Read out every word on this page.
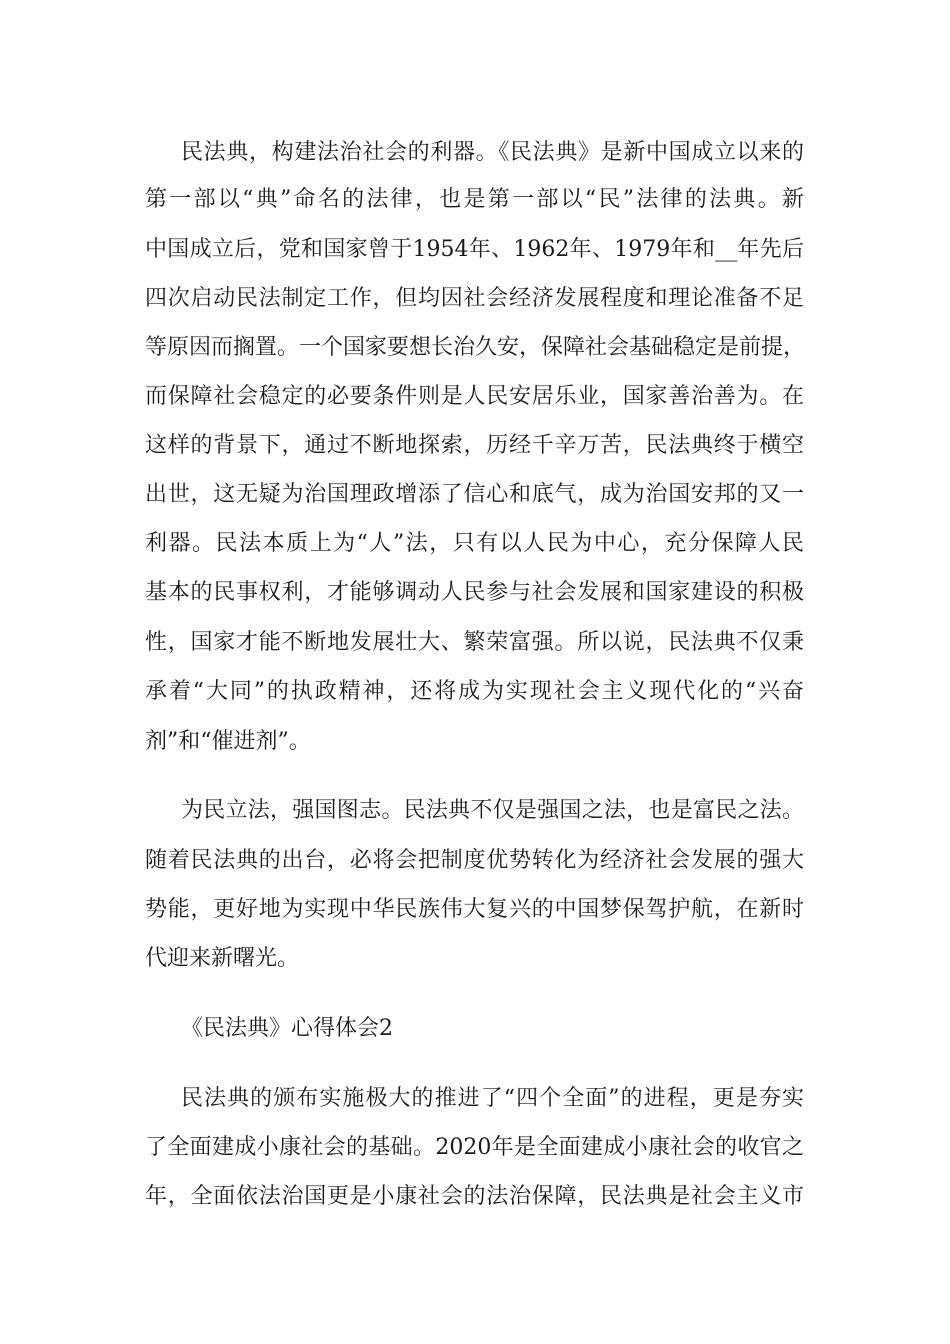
民法典，构建法治社会的利器。《民法典》是新中国成立以来的
第一部以“典”命名的法律，也是第一部以“民”法律的法典。新
中国成立后，党和国家曾于1954年、1962年、1979年和__年先后
四次启动民法制定工作，但均因社会经济发展程度和理论准备不足
等原因而搁置。一个国家要想长治久安，保障社会基础稳定是前提，
而保障社会稳定的必要条件则是人民安居乐业，国家善治善为。在
这样的背景下，通过不断地探索，历经千辛万苦，民法典终于横空
出世，这无疑为治国理政增添了信心和底气，成为治国安邦的又一
利器。民法本质上为“人”法，只有以人民为中心，充分保障人民
基本的民事权利，才能够调动人民参与社会发展和国家建设的积极
性，国家才能不断地发展壮大、繁荣富强。所以说，民法典不仅秉
承着“大同”的执政精神，还将成为实现社会主义现代化的“兴奋
剂”和“催进剂”。
为民立法，强国图志。民法典不仅是强国之法，也是富民之法。
随着民法典的出台，必将会把制度优势转化为经济社会发展的强大
势能，更好地为实现中华民族伟大复兴的中国梦保驾护航，在新时
代迎来新曙光。
《民法典》心得体会2
民法典的颁布实施极大的推进了“四个全面”的进程，更是夯实
了全面建成小康社会的基础。2020年是全面建成小康社会的收官之
年，全面依法治国更是小康社会的法治保障，民法典是社会主义市
